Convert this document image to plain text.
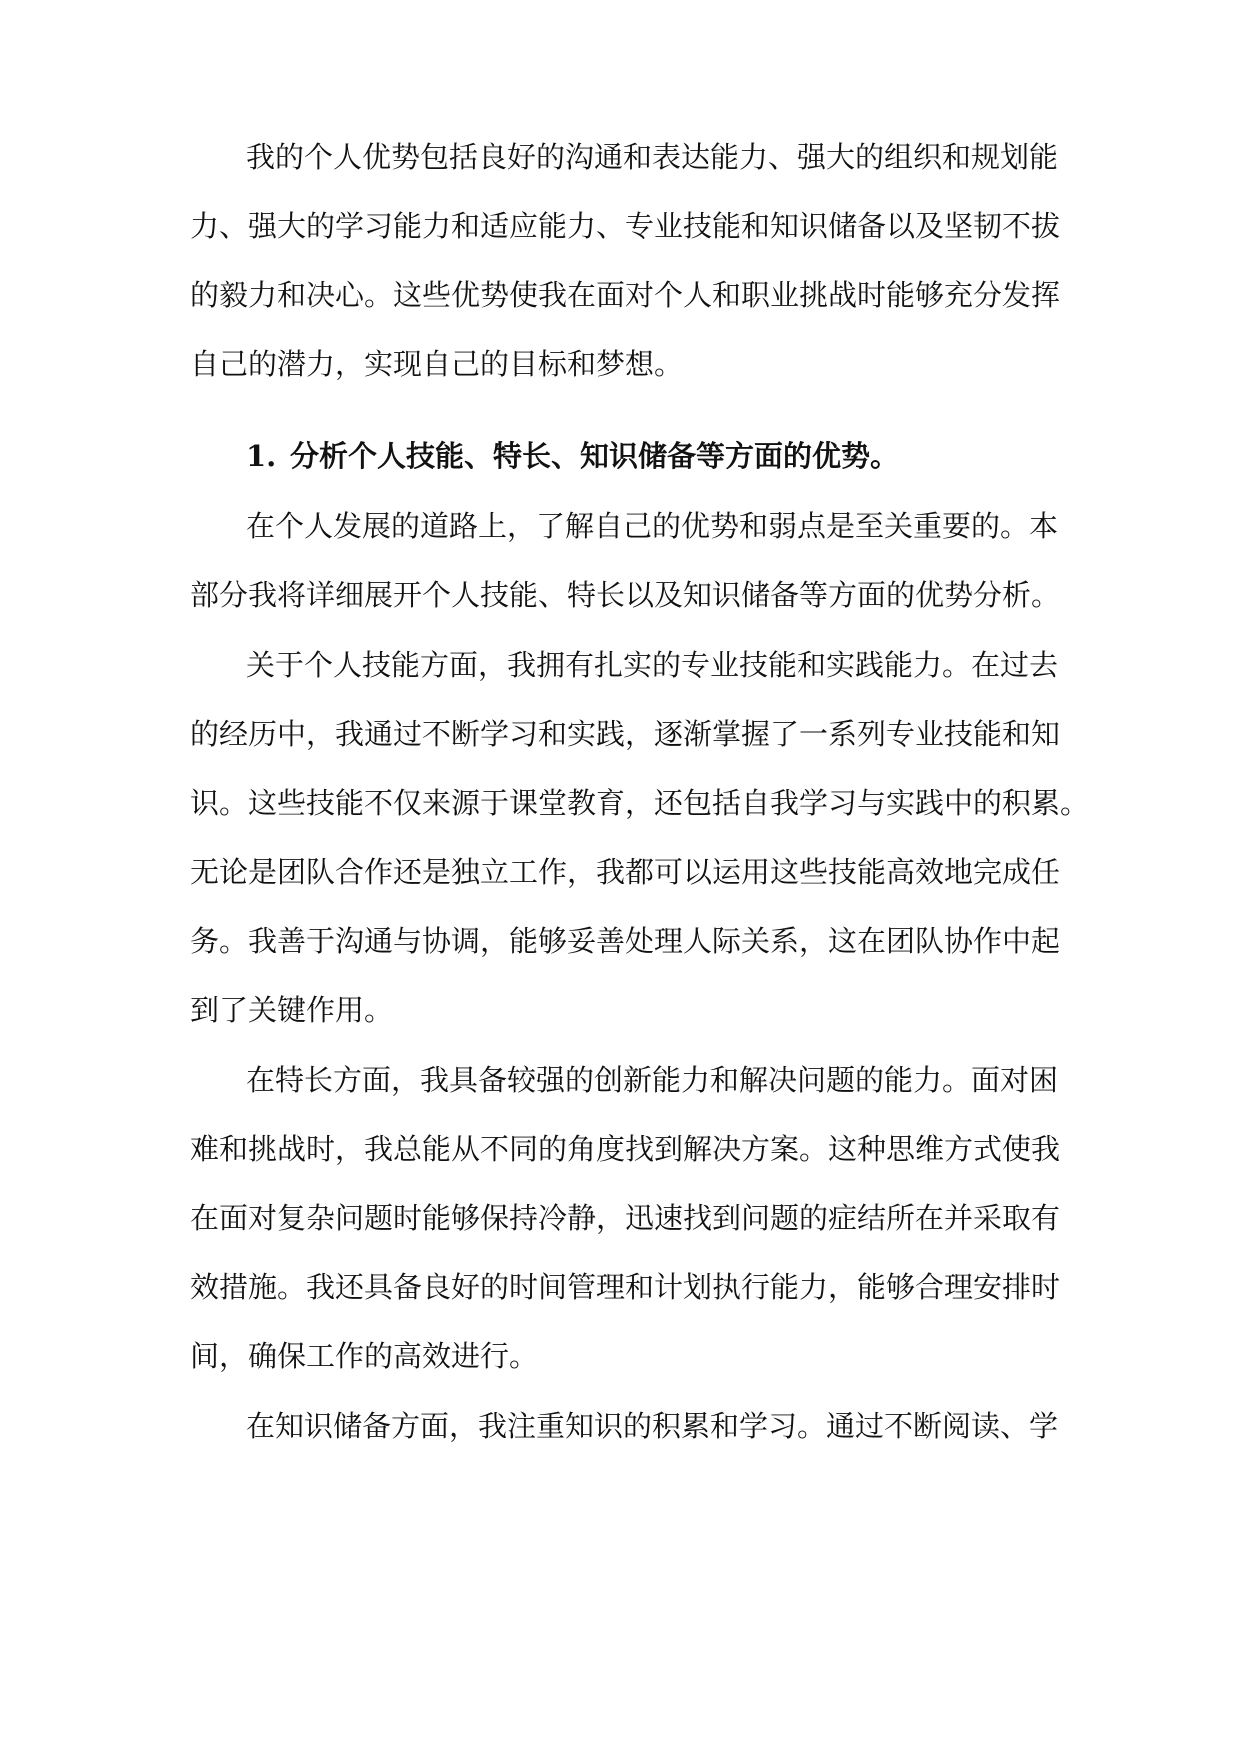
我的个人优势包括良好的沟通和表达能力、强大的组织和规划能
力、强大的学习能力和适应能力、专业技能和知识储备以及坚韧不拔
的毅力和决心。这些优势使我在面对个人和职业挑战时能够充分发挥
自己的潜力，实现自己的目标和梦想。
1. 分析个人技能、特长、知识储备等方面的优势。
在个人发展的道路上，了解自己的优势和弱点是至关重要的。本
部分我将详细展开个人技能、特长以及知识储备等方面的优势分析。
关于个人技能方面，我拥有扎实的专业技能和实践能力。在过去
的经历中，我通过不断学习和实践，逐渐掌握了一系列专业技能和知
识。这些技能不仅来源于课堂教育，还包括自我学习与实践中的积累。
无论是团队合作还是独立工作，我都可以运用这些技能高效地完成任
务。我善于沟通与协调，能够妥善处理人际关系，这在团队协作中起
到了关键作用。
在特长方面，我具备较强的创新能力和解决问题的能力。面对困
难和挑战时，我总能从不同的角度找到解决方案。这种思维方式使我
在面对复杂问题时能够保持冷静，迅速找到问题的症结所在并采取有
效措施。我还具备良好的时间管理和计划执行能力，能够合理安排时
间，确保工作的高效进行。
在知识储备方面，我注重知识的积累和学习。通过不断阅读、学
